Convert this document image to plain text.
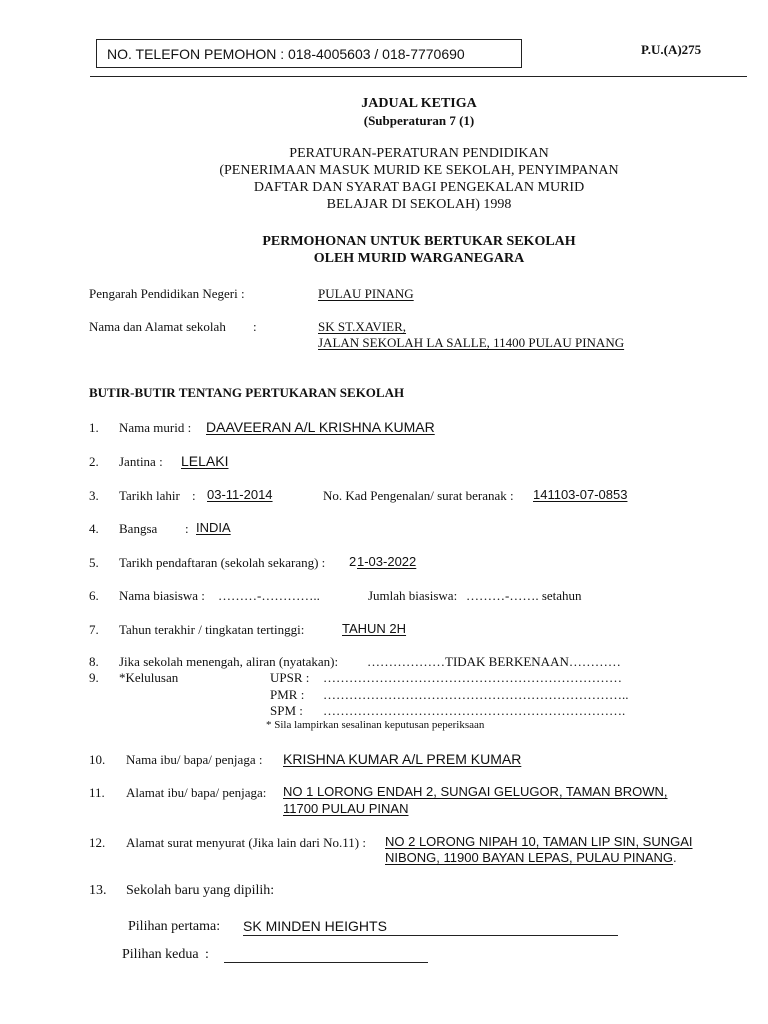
NO. TELEFON PEMOHON : 018-4005603 / 018-7770690	P.U.(A)275
JADUAL KETIGA
(Subperaturan 7 (1)
PERATURAN-PERATURAN PENDIDIKAN
(PENERIMAAN MASUK MURID KE SEKOLAH, PENYIMPANAN
DAFTAR DAN SYARAT BAGI PENGEKALAN MURID
BELAJAR DI SEKOLAH) 1998
PERMOHONAN UNTUK BERTUKAR SEKOLAH
OLEH MURID WARGANEGARA
Pengarah Pendidikan Negeri :	PULAU PINANG
Nama dan Alamat sekolah :	SK ST.XAVIER,
JALAN SEKOLAH LA SALLE, 11400 PULAU PINANG
BUTIR-BUTIR TENTANG PERTUKARAN SEKOLAH
1. Nama murid : DAAVEERAN A/L KRISHNA KUMAR
2. Jantina : LELAKI
3. Tarikh lahir : 03-11-2014	No. Kad Pengenalan/ surat beranak : 141103-07-0853
4. Bangsa : INDIA
5. Tarikh pendaftaran (sekolah sekarang) : 2 1-03-2022
6. Nama biasiswa : ………-…………..	Jumlah biasiswa: ………-……. setahun
7. Tahun terakhir / tingkatan tertinggi:	TAHUN 2H
8. Jika sekolah menengah, aliran (nyatakan): ………………TIDAK BERKENAAN…………
9. *Kelulusan	UPSR : ……………………………………………………………
PMR : ……………………………………………………………..
SPM : …………………………………………………………….
* Sila lampirkan sesalinan keputusan peperiksaan
10. Nama ibu/ bapa/ penjaga : KRISHNA KUMAR A/L PREM KUMAR
11. Alamat ibu/ bapa/ penjaga: NO 1 LORONG ENDAH 2, SUNGAI GELUGOR, TAMAN BROWN,
11700 PULAU PINAN
12. Alamat surat menyurat (Jika lain dari No.11) : NO 2 LORONG NIPAH 10, TAMAN LIP SIN, SUNGAI
NIBONG, 11900 BAYAN LEPAS, PULAU PINANG.
13. Sekolah baru yang dipilih:
Pilihan pertama: SK MINDEN HEIGHTS
Pilihan kedua :
